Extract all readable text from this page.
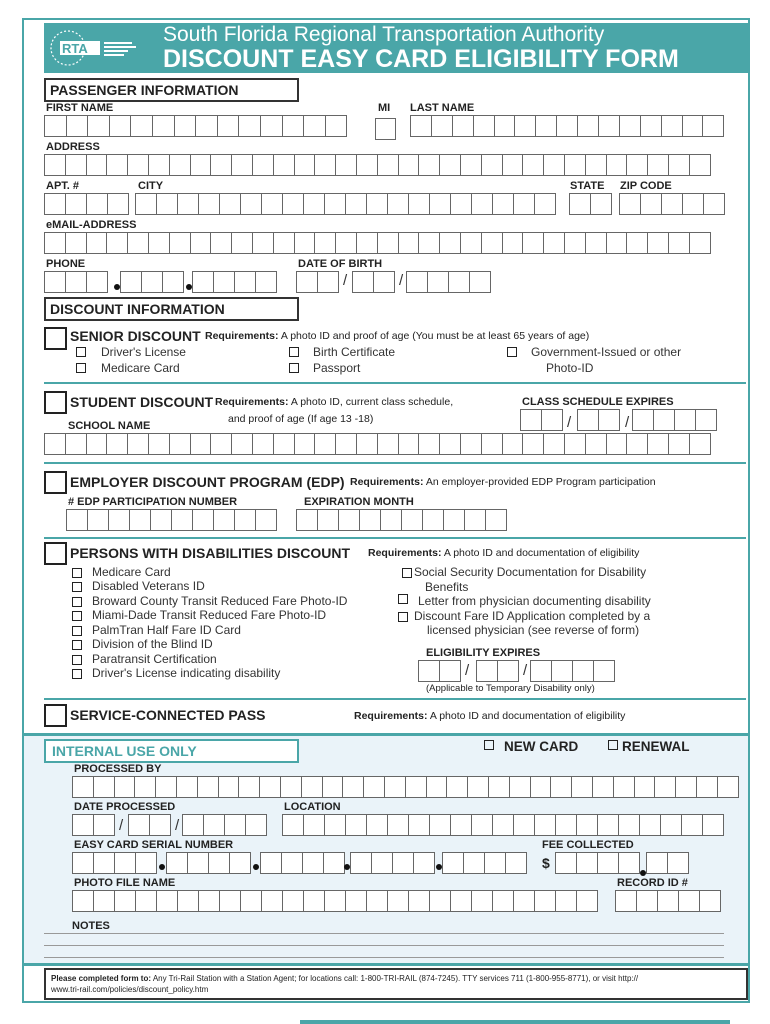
RTA
South Florida Regional Transportation Authority
DISCOUNT EASY CARD ELIGIBILITY FORM
PASSENGER INFORMATION
FIRST NAME	MI LAST NAME
ADDRESS
APT. #	CITY	STATE ZIP CODE
eMAIL-ADDRESS
PHONE	DATE OF BIRTH
/	/
DISCOUNT INFORMATION
SENIOR DISCOUNT Requirements: A photo ID and proof of age (You must be at least 65 years of age)
Driver's License
Medicare Card
Birth Certificate
Passport
Government-Issued or other
Photo-ID
STUDENT DISCOUNT Requirements: A photo ID, current class schedule,
and proof of age (If age 13 -18)
CLASS SCHEDULE EXPIRES
/	/
SCHOOL NAME
EMPLOYER DISCOUNT PROGRAM (EDP) Requirements: An employer-provided EDP Program participation
# EDP PARTICIPATION NUMBER	EXPIRATION MONTH
PERSONS WITH DISABILITIES DISCOUNT Requirements: A photo ID and documentation of eligibility
Medicare Card
Disabled Veterans ID
Broward County Transit Reduced Fare Photo-ID
Miami-Dade Transit Reduced Fare Photo-ID
PalmTran Half Fare ID Card
Division of the Blind ID
Paratransit Certification
Driver's License indicating disability
Social Security Documentation for Disability
Benefits
Letter from physician documenting disability
Discount Fare ID Application completed by a
licensed physician (see reverse of form)
ELIGIBILITY EXPIRES
/	/
(Applicable to Temporary Disability only)
SERVICE-CONNECTED PASS	Requirements: A photo ID and documentation of eligibility
INTERNAL USE ONLY	NEW CARD	RENEWAL
PROCESSED BY
DATE PROCESSED	LOCATION
/	/
EASY CARD SERIAL NUMBER	FEE COLLECTED
$
PHOTO FILE NAME	RECORD ID #
NOTES
Please completed form to: Any Tri-Rail Station with a Station Agent; for locations call: 1-800-TRI-RAIL (874-7245). TTY services 711 (1-800-955-8771), or visit http://
www.tri-rail.com/policies/discount_policy.htm
